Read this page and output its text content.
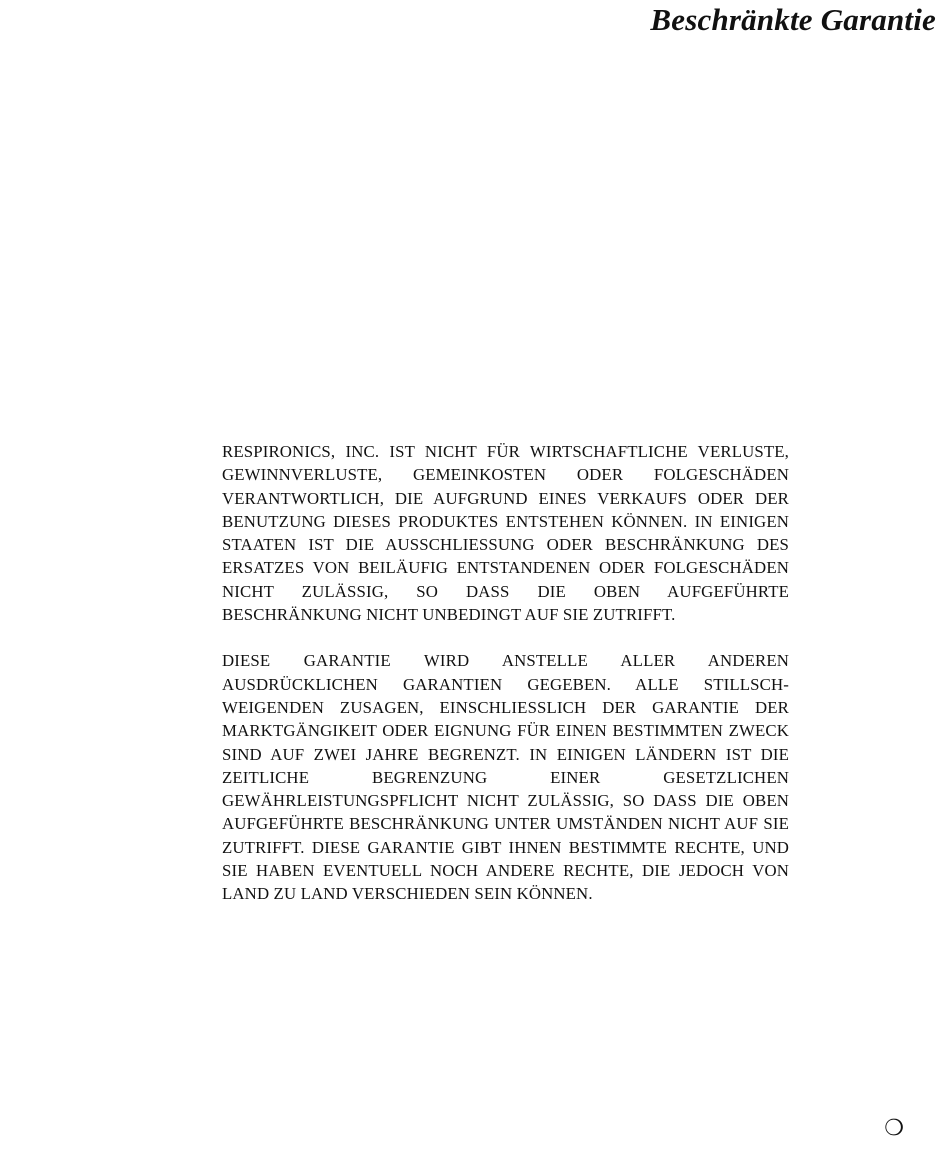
Beschränkte Garantie

RESPIRONICS, INC. IST NICHT FÜR WIRTSCHAFTLICHE VERLUSTE, GEWINNVERLUSTE, GEMEINKOSTEN ODER FOLGESCHÄDEN VERANTWORTLICH, DIE AUFGRUND EINES VERKAUFS ODER DER BENUTZUNG DIESES PRODUKTES ENTSTEHEN KÖNNEN. IN EINIGEN STAATEN IST DIE AUSSCHLIESSUNG ODER BESCHRÄNKUNG DES ERSATZES VON BEILÄUFIG ENTSTANDENEN ODER FOLGESCHÄDEN NICHT ZULÄSSIG, SO DASS DIE OBEN AUFGEFÜHRTE BESCHRÄNKUNG NICHT UNBEDINGT AUF SIE ZUTRIFFT.

DIESE GARANTIE WIRD ANSTELLE ALLER ANDEREN AUSDRÜCKLICHEN GARANTIEN GEGEBEN. ALLE STILLSCH-WEIGENDEN ZUSAGEN, EINSCHLIESSLICH DER GARANTIE DER MARKTGÄNGIKEIT ODER EIGNUNG FÜR EINEN BESTIMMTEN ZWECK SIND AUF ZWEI JAHRE BEGRENZT. IN EINIGEN LÄNDERN IST DIE ZEITLICHE BEGRENZUNG EINER GESETZLICHEN GEWÄHRLEISTUNGSPFLICHT NICHT ZULÄSSIG, SO DASS DIE OBEN AUFGEFÜHRTE BESCHRÄNKUNG UNTER UMSTÄNDEN NICHT AUF SIE ZUTRIFFT. DIESE GARANTIE GIBT IHNEN BESTIMMTE RECHTE, UND SIE HABEN EVENTUELL NOCH ANDERE RECHTE, DIE JEDOCH VON LAND ZU LAND VERSCHIEDEN SEIN KÖNNEN.

❍
